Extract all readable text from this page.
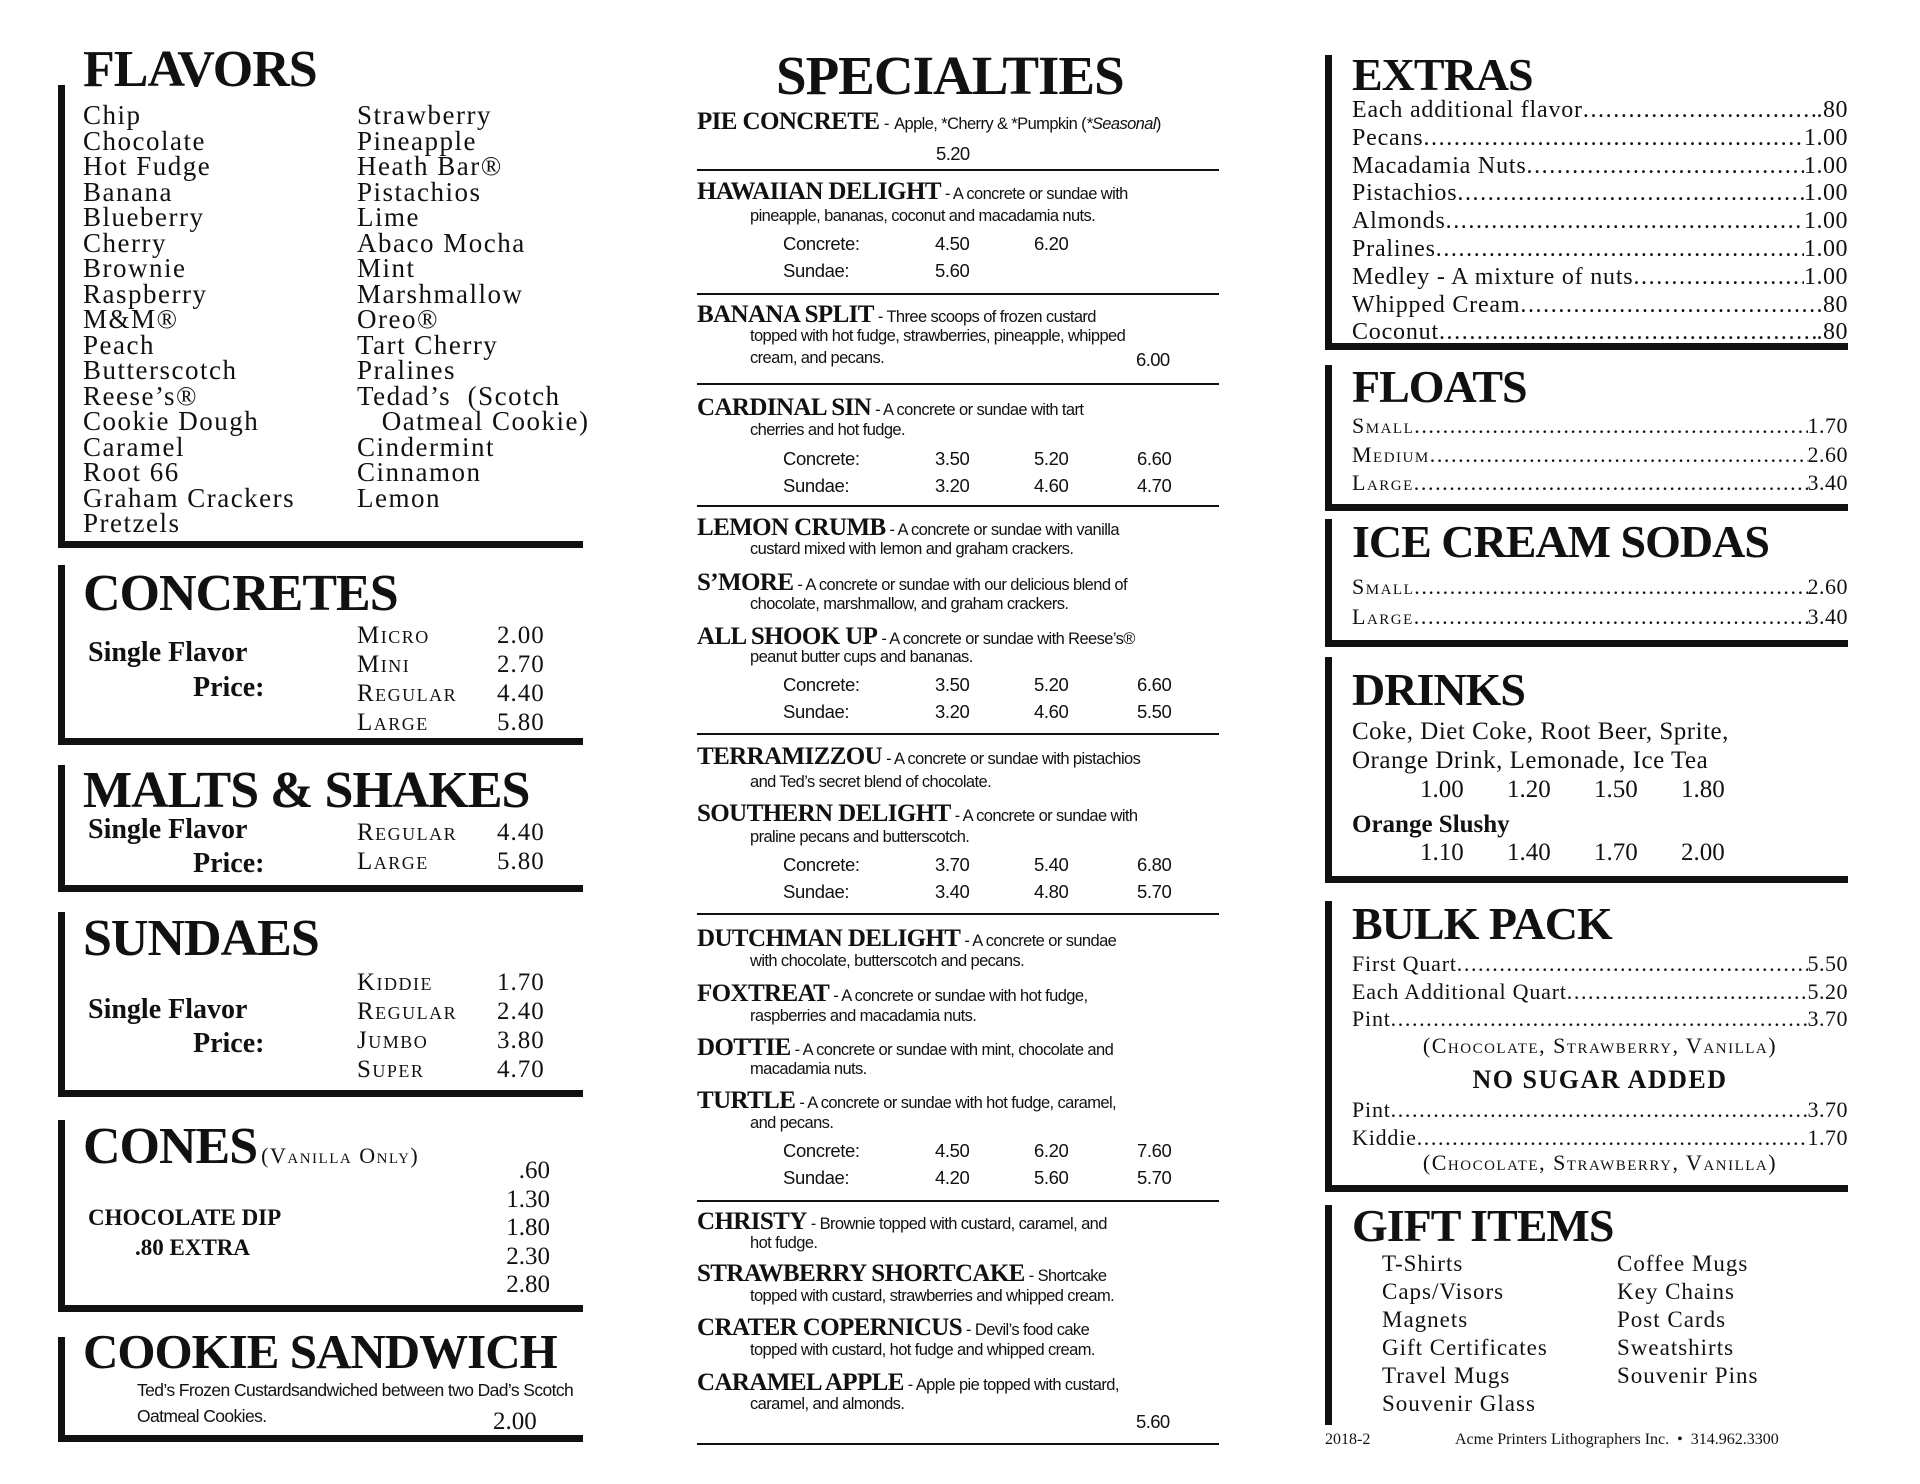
FLAVORS
Chip
Chocolate
Hot Fudge
Banana
Blueberry
Cherry
Brownie
Raspberry
M&M®
Peach
Butterscotch
Reese’s®
Cookie Dough
Caramel
Root 66
Graham Crackers
Pretzels
Strawberry
Pineapple
Heath Bar®
Pistachios
Lime
Abaco Mocha
Mint
Marshmallow
Oreo®
Tart Cherry
Pralines
Tedad’s  (Scotch
Oatmeal Cookie)
Cindermint
Cinnamon
Lemon
CONCRETES
Single Flavor
Price:
Micro	2.00
Mini	2.70
Regular	4.40
Large	5.80
MALTS & SHAKES
Single Flavor
Price:
Regular	4.40
Large	5.80
SUNDAES
Single Flavor
Price:
Kiddie	1.70
Regular	2.40
Jumbo	3.80
Super	4.70
CONES (Vanilla Only)
.60
1.30
1.80
2.30
2.80
CHOCOLATE DIP
.80 EXTRA
COOKIE SANDWICH
Ted’s Frozen Custardsandwiched between two Dad’s Scotch
Oatmeal Cookies.	2.00
SPECIALTIES
PIE CONCRETE - Apple, *Cherry & *Pumpkin (*Seasonal)
5.20
HAWAIIAN DELIGHT - A concrete or sundae with
pineapple, bananas, coconut and macadamia nuts.
Concrete:	4.50	6.20
Sundae:	5.60
BANANA SPLIT - Three scoops of frozen custard
topped with hot fudge, strawberries, pineapple, whipped
cream, and pecans.	6.00
CARDINAL SIN - A concrete or sundae with tart
cherries and hot fudge.
Concrete:	3.50	5.20	6.60
Sundae:	3.20	4.60	4.70
LEMON CRUMB - A concrete or sundae with vanilla
custard mixed with lemon and graham crackers.
S’MORE - A concrete or sundae with our delicious blend of
chocolate, marshmallow, and graham crackers.
ALL SHOOK UP - A concrete or sundae with Reese’s®
peanut butter cups and bananas.
Concrete:	3.50	5.20	6.60
Sundae:	3.20	4.60	5.50
TERRAMIZZOU - A concrete or sundae with pistachios
and Ted’s secret blend of chocolate.
SOUTHERN DELIGHT - A concrete or sundae with
praline pecans and butterscotch.
Concrete:	3.70	5.40	6.80
Sundae:	3.40	4.80	5.70
DUTCHMAN DELIGHT - A concrete or sundae
with chocolate, butterscotch and pecans.
FOXTREAT - A concrete or sundae with hot fudge,
raspberries and macadamia nuts.
DOTTIE - A concrete or sundae with mint, chocolate and
macadamia nuts.
TURTLE - A concrete or sundae with hot fudge, caramel,
and pecans.
Concrete:	4.50	6.20	7.60
Sundae:	4.20	5.60	5.70
CHRISTY - Brownie topped with custard, caramel, and
hot fudge.
STRAWBERRY SHORTCAKE - Shortcake
topped with custard, strawberries and whipped cream.
CRATER COPERNICUS - Devil’s food cake
topped with custard, hot fudge and whipped cream.
CARAMEL APPLE - Apple pie topped with custard,
caramel, and almonds.
5.60
EXTRAS
Each additional flavor .....	.80
Pecans .....	1.00
Macadamia Nuts .....	1.00
Pistachios .....	1.00
Almonds .....	1.00
Pralines .....	1.00
Medley - A mixture of nuts .....	1.00
Whipped Cream .....	.80
Coconut .....	.80
FLOATS
Small .....	1.70
Medium .....	2.60
Large .....	3.40
ICE CREAM SODAS
Small .....	2.60
Large .....	3.40
DRINKS
Coke, Diet Coke, Root Beer, Sprite,
Orange Drink, Lemonade, Ice Tea
1.00 1.20 1.50 1.80
Orange Slushy
1.10 1.40 1.70 2.00
BULK PACK
First Quart .....	5.50
Each Additional Quart .....	5.20
Pint .....	3.70
(Chocolate, Strawberry, Vanilla)
NO SUGAR ADDED
Pint .....	3.70
Kiddie .....	1.70
(Chocolate, Strawberry, Vanilla)
GIFT ITEMS
T-Shirts
Caps/Visors
Magnets
Gift Certificates
Travel Mugs
Souvenir Glass
Coffee Mugs
Key Chains
Post Cards
Sweatshirts
Souvenir Pins
2018-2	Acme Printers Lithographers Inc.  •  314.962.3300
